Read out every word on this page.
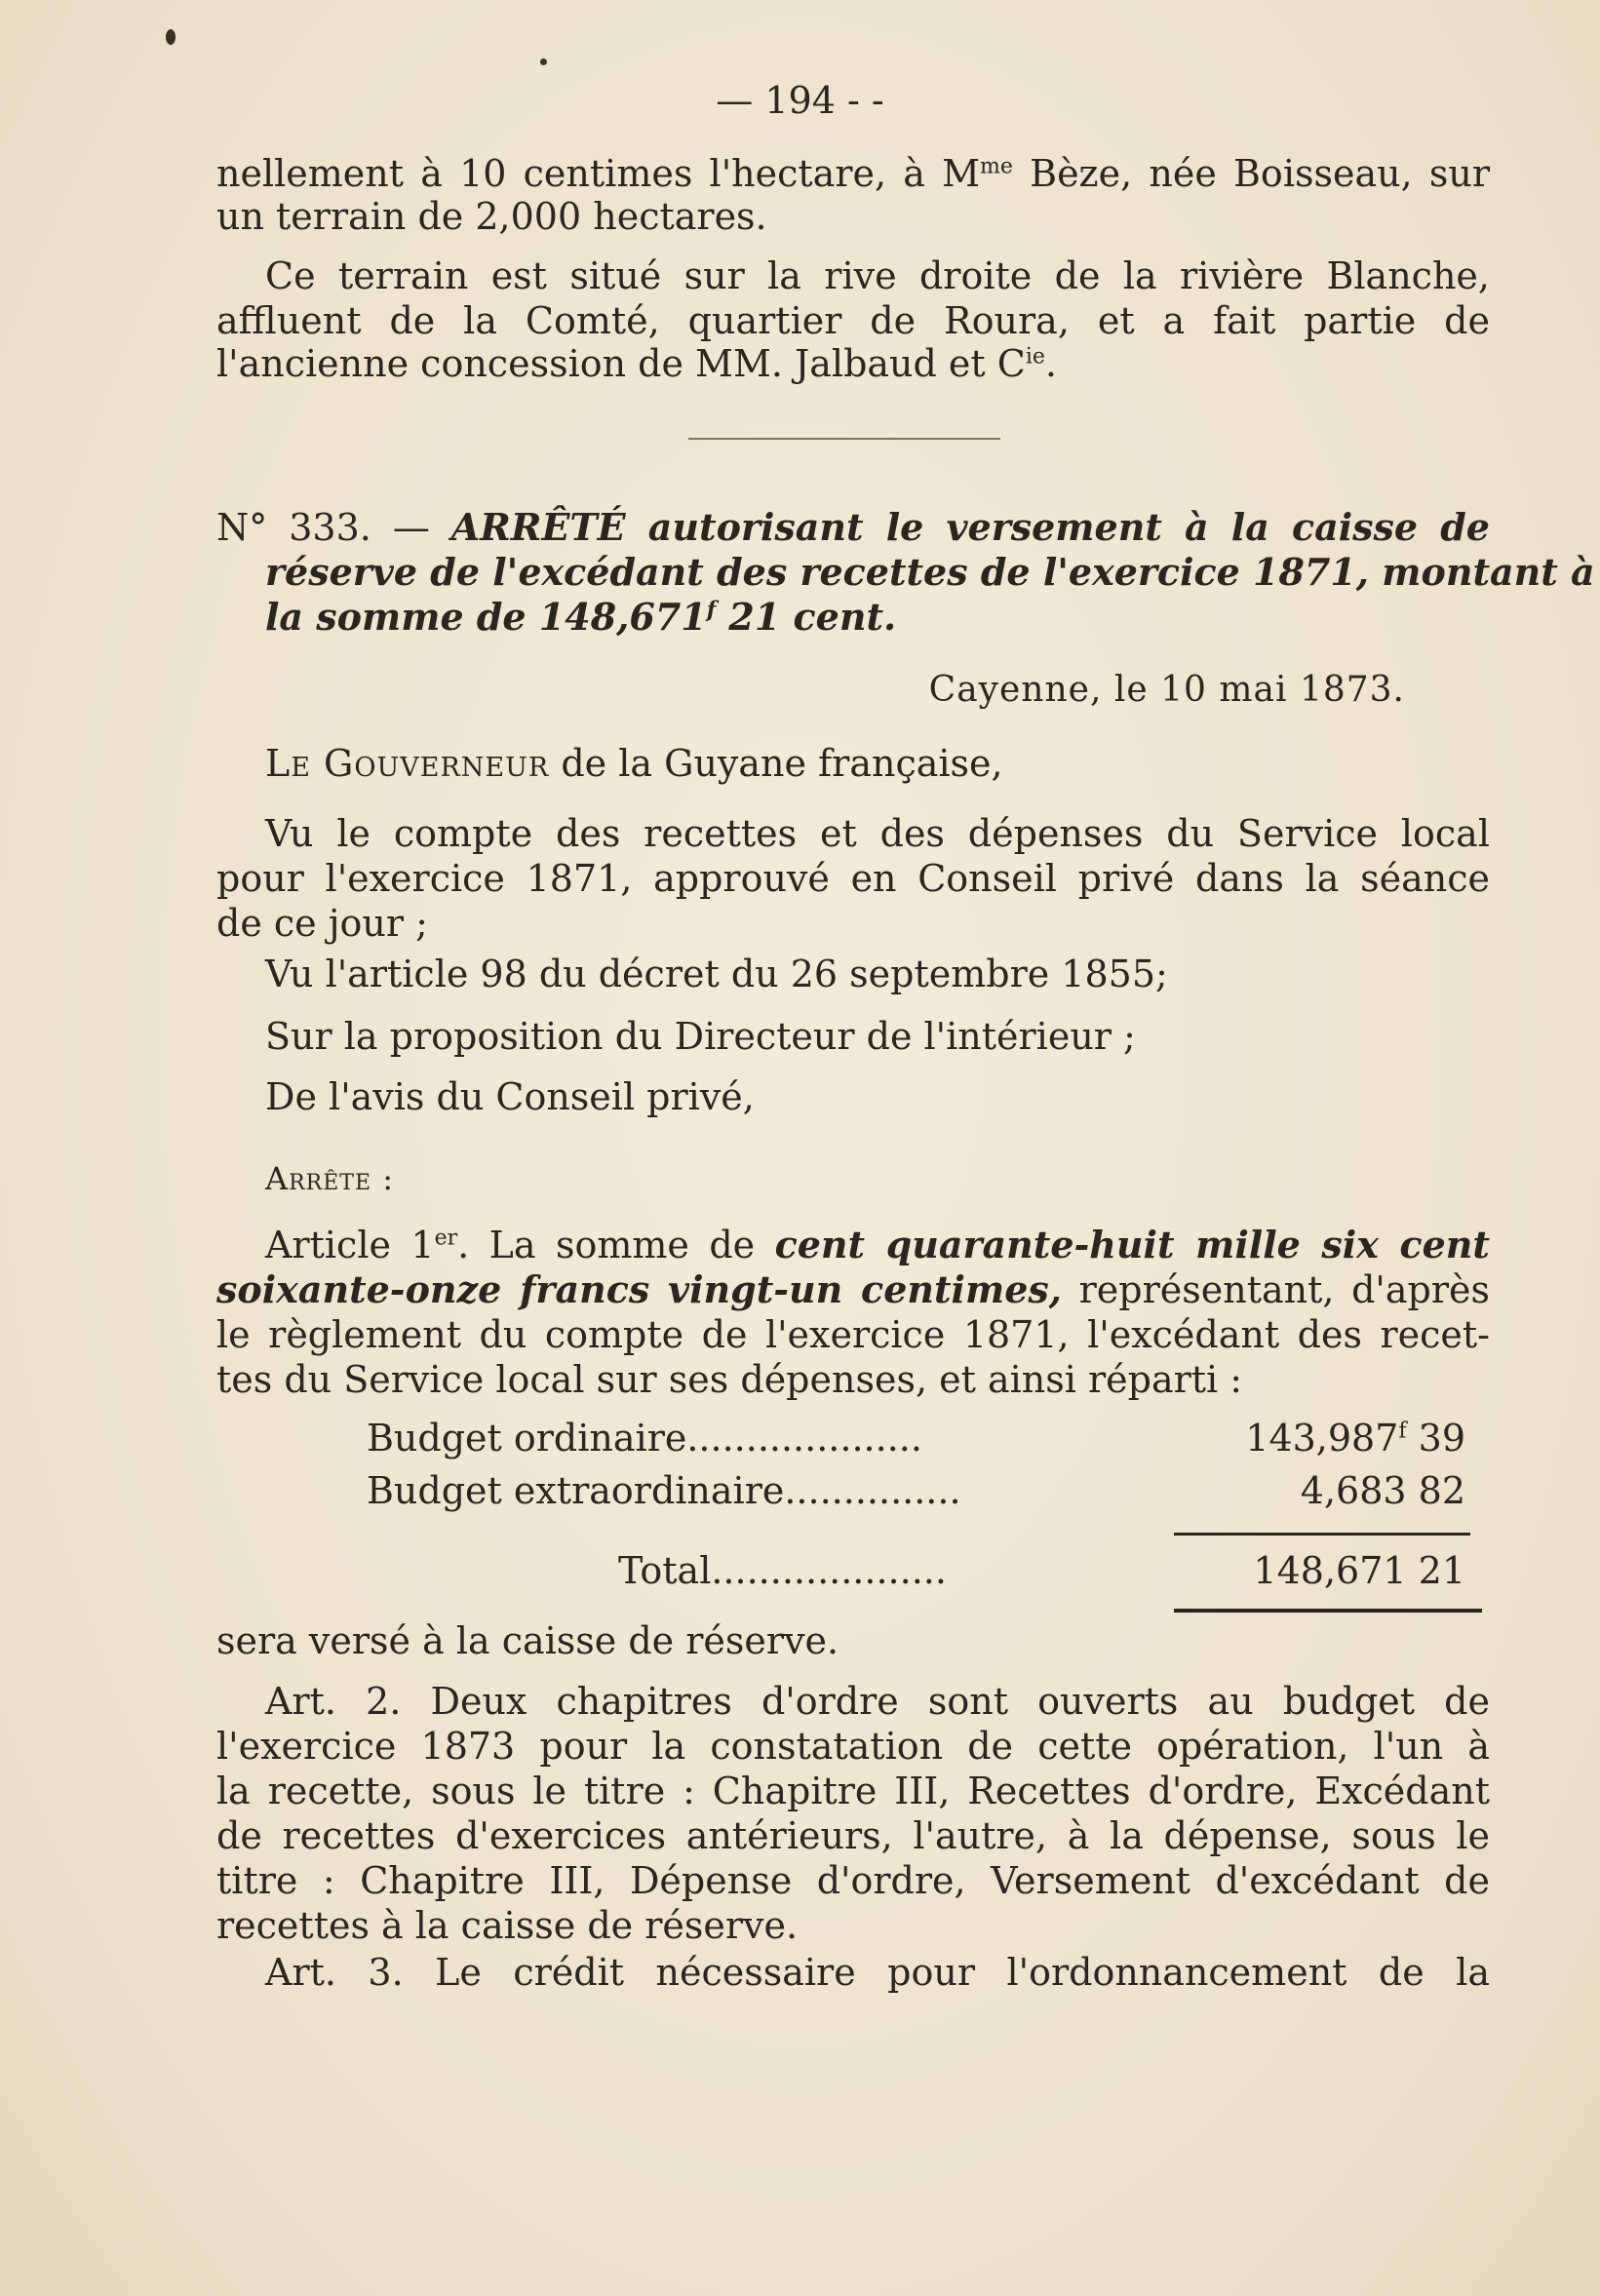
— 194 - -
nellement à 10 centimes l'hectare, à $M^{me}$ Bèze, née Boisseau, sur
un terrain de 2,000 hectares.
Ce terrain est situé sur la rive droite de la rivière Blanche,
affluent de la Comté, quartier de Roura, et a fait partie de
l'ancienne concession de MM. Jalbaud et $C^{ie}$.
N° 333. — ARRÊTÉ autorisant le versement à la caisse de
réserve de l'excédant des recettes de l'exercice 1871, montant à
la somme de 148,671$^f$ 21 cent.
Cayenne, le 10 mai 1873.
Le Gouverneur de la Guyane française,
Vu le compte des recettes et des dépenses du Service local
pour l'exercice 1871, approuvé en Conseil privé dans la séance
de ce jour ;
Vu l'article 98 du décret du 26 septembre 1855;
Sur la proposition du Directeur de l'intérieur ;
De l'avis du Conseil privé,
Arrête :
Article 1er. La somme de cent quarante-huit mille six cent
soixante-onze francs vingt-un centimes, représentant, d'après
le règlement du compte de l'exercice 1871, l'excédant des recet-
tes du Service local sur ses dépenses, et ainsi réparti :
Budget ordinaire....................	143,987$^f$ 39
Budget extraordinaire...............	4,683 82
Total....................	148,671 21
sera versé à la caisse de réserve.
Art. 2. Deux chapitres d'ordre sont ouverts au budget de
l'exercice 1873 pour la constatation de cette opération, l'un à
la recette, sous le titre : Chapitre III, Recettes d'ordre, Excédant
de recettes d'exercices antérieurs, l'autre, à la dépense, sous le
titre : Chapitre III, Dépense d'ordre, Versement d'excédant de
recettes à la caisse de réserve.
Art. 3. Le crédit nécessaire pour l'ordonnancement de la
